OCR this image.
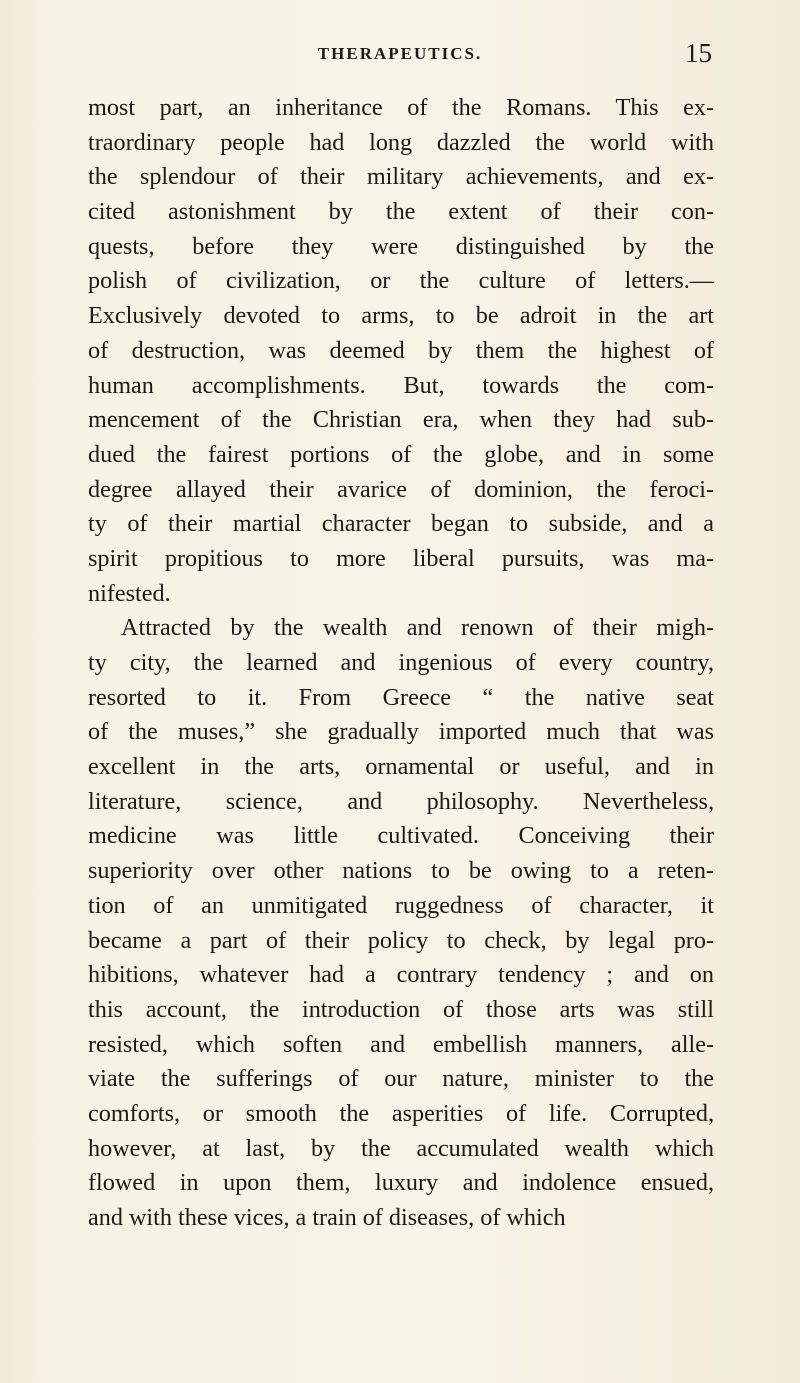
THERAPEUTICS.	15
most part, an inheritance of the Romans. This ex-
traordinary people had long dazzled the world with
the splendour of their military achievements, and ex-
cited astonishment by the extent of their con-
quests, before they were distinguished by the
polish of civilization, or the culture of letters.—
Exclusively devoted to arms, to be adroit in the art
of destruction, was deemed by them the highest of
human accomplishments. But, towards the com-
mencement of the Christian era, when they had sub-
dued the fairest portions of the globe, and in some
degree allayed their avarice of dominion, the feroci-
ty of their martial character began to subside, and a
spirit propitious to more liberal pursuits, was ma-
nifested.
Attracted by the wealth and renown of their migh-
ty city, the learned and ingenious of every country,
resorted to it. From Greece “ the native seat
of the muses,” she gradually imported much that was
excellent in the arts, ornamental or useful, and in
literature, science, and philosophy. Nevertheless,
medicine was little cultivated. Conceiving their
superiority over other nations to be owing to a reten-
tion of an unmitigated ruggedness of character, it
became a part of their policy to check, by legal pro-
hibitions, whatever had a contrary tendency ; and on
this account, the introduction of those arts was still
resisted, which soften and embellish manners, alle-
viate the sufferings of our nature, minister to the
comforts, or smooth the asperities of life. Corrupted,
however, at last, by the accumulated wealth which
flowed in upon them, luxury and indolence ensued,
and with these vices, a train of diseases, of which
